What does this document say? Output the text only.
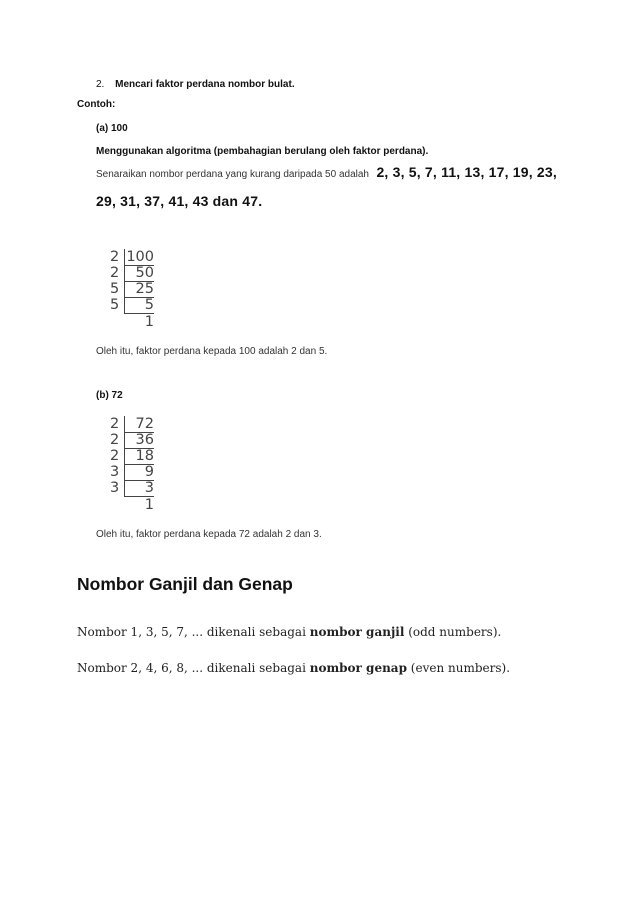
2. Mencari faktor perdana nombor bulat.
Contoh:
(a) 100
Menggunakan algoritma (pembahagian berulang oleh faktor perdana).
Senaraikan nombor perdana yang kurang daripada 50 adalah 2, 3, 5, 7, 11, 13, 17, 19, 23,
29, 31, 37, 41, 43 dan 47.
2 100
2 50
5 25
5 5
1
Oleh itu, faktor perdana kepada 100 adalah 2 dan 5.
(b) 72
2 72
2 36
2 18
3 9
3 3
1
Oleh itu, faktor perdana kepada 72 adalah 2 dan 3.
Nombor Ganjil dan Genap
Nombor 1, 3, 5, 7, ... dikenali sebagai nombor ganjil (odd numbers).
Nombor 2, 4, 6, 8, ... dikenali sebagai nombor genap (even numbers).
